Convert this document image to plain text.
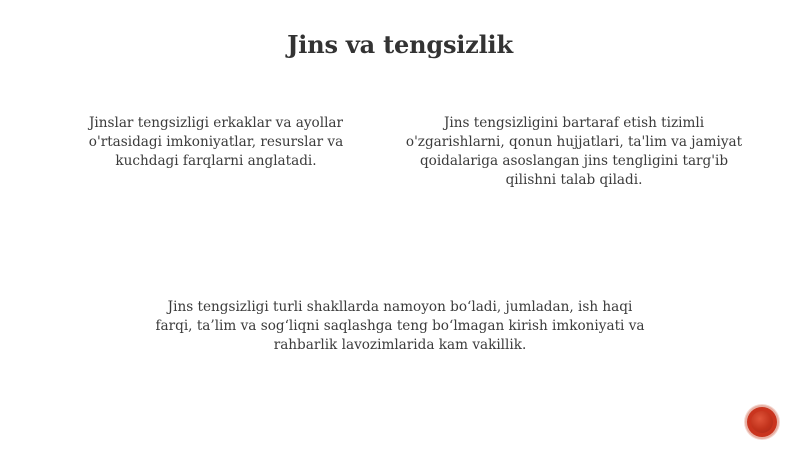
Jins va tengsizlik
Jinslar tengsizligi erkaklar va ayollar o'rtasidagi imkoniyatlar, resurslar va kuchdagi farqlarni anglatadi.
Jins tengsizligini bartaraf etish tizimli o'zgarishlarni, qonun hujjatlari, ta'lim va jamiyat qoidalariga asoslangan jins tengligini targ'ib qilishni talab qiladi.
Jins tengsizligi turli shakllarda namoyon bo‘ladi, jumladan, ish haqi farqi, ta’lim va sog‘liqni saqlashga teng bo‘lmagan kirish imkoniyati va rahbarlik lavozimlarida kam vakillik.
